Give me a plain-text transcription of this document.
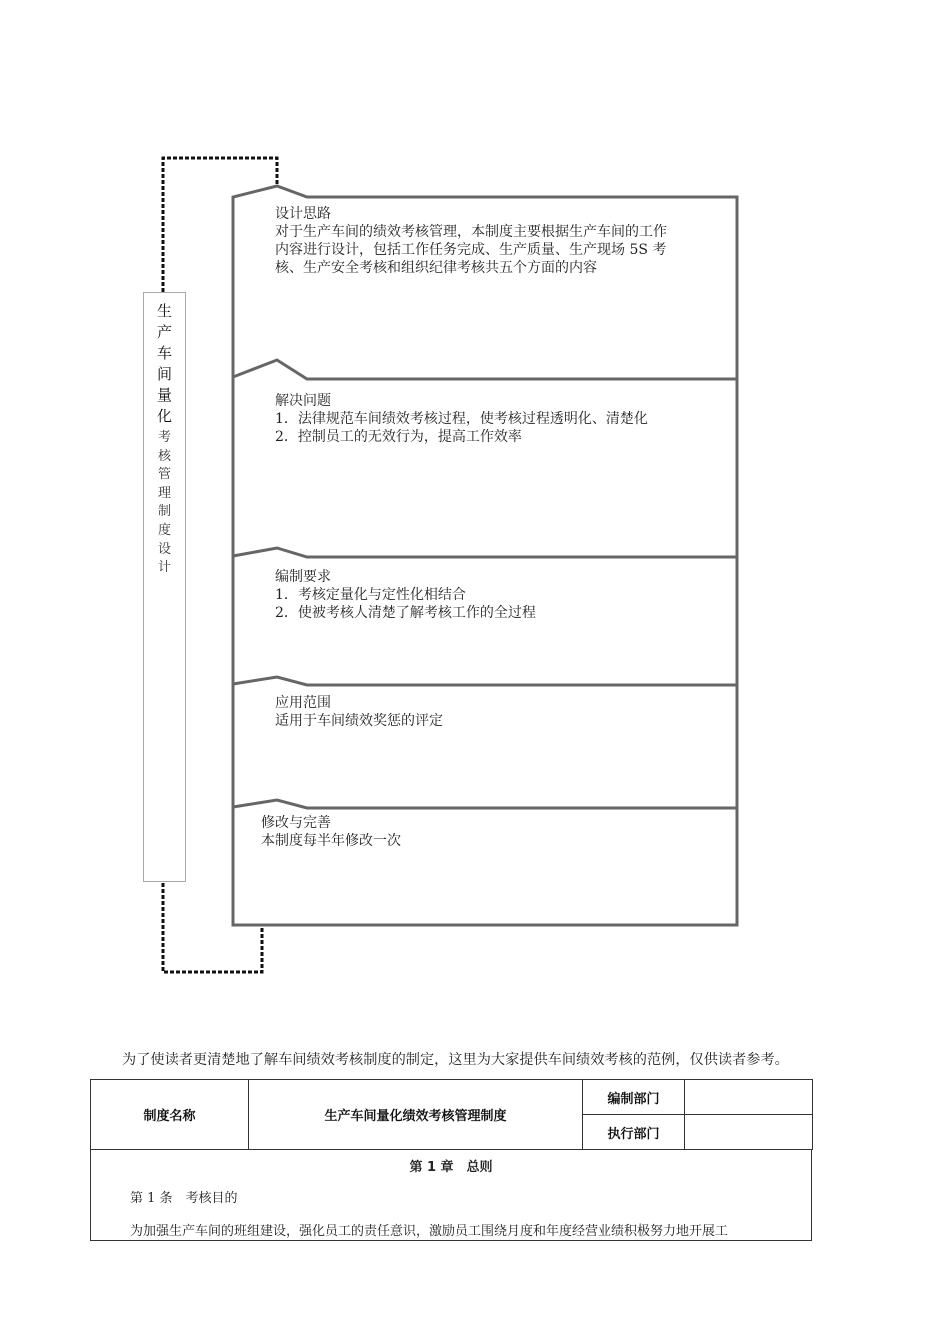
生产车间量化
考核管理制度设计
设计思路
对于生产车间的绩效考核管理，本制度主要根据生产车间的工作
内容进行设计，包括工作任务完成、生产质量、生产现场 5S 考
核、生产安全考核和组织纪律考核共五个方面的内容
解决问题
1．法律规范车间绩效考核过程，使考核过程透明化、清楚化
2．控制员工的无效行为，提高工作效率
编制要求
1．考核定量化与定性化相结合
2．使被考核人清楚了解考核工作的全过程
应用范围
适用于车间绩效奖惩的评定
修改与完善
本制度每半年修改一次
为了使读者更清楚地了解车间绩效考核制度的制定，这里为大家提供车间绩效考核的范例，仅供读者参考。
制度名称	生产车间量化绩效考核管理制度	编制部门	
		执行部门	
第 1 章　总则
第 1 条　考核目的
为加强生产车间的班组建设，强化员工的责任意识，激励员工围绕月度和年度经营业绩积极努力地开展工
